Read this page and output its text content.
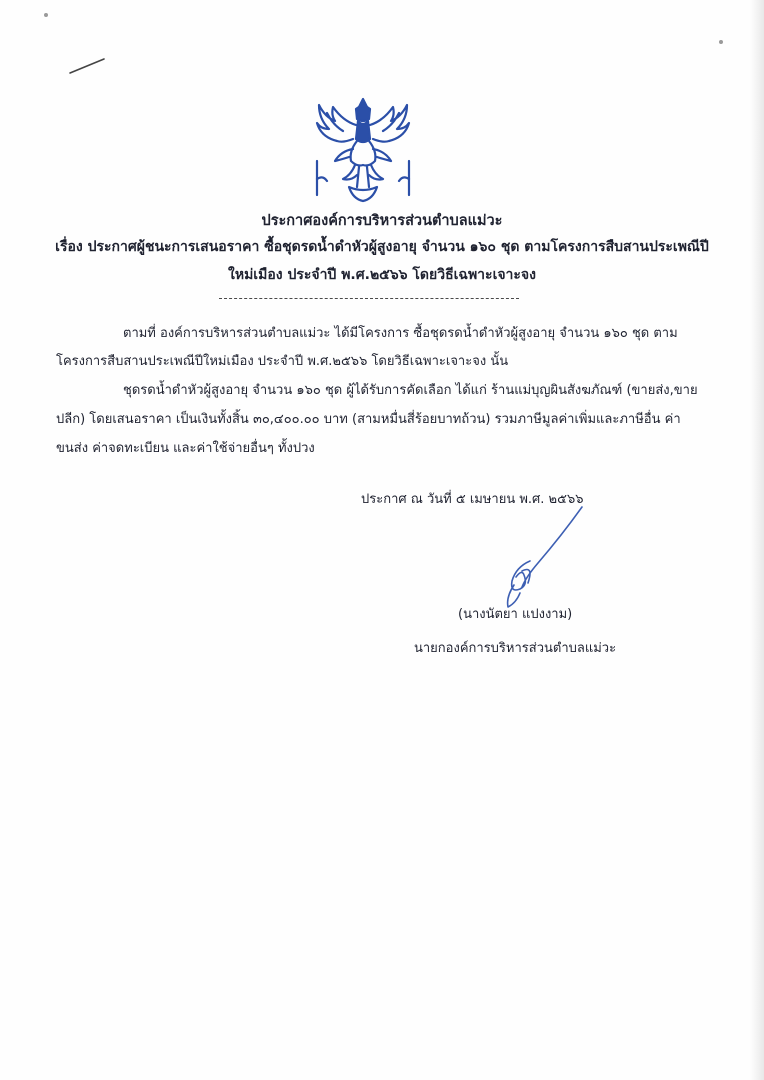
ประกาศองค์การบริหารส่วนตำบลแม่วะ
เรื่อง ประกาศผู้ชนะการเสนอราคา ซื้อชุดรดน้ำดำหัวผู้สูงอายุ จำนวน ๑๖๐ ชุด ตามโครงการสืบสานประเพณีปี
ใหม่เมือง ประจำปี พ.ศ.๒๕๖๖ โดยวิธีเฉพาะเจาะจง
ตามที่ องค์การบริหารส่วนตำบลแม่วะ ได้มีโครงการ ซื้อชุดรดน้ำดำหัวผู้สูงอายุ จำนวน ๑๖๐ ชุด ตาม
โครงการสืบสานประเพณีปีใหม่เมือง ประจำปี พ.ศ.๒๕๖๖ โดยวิธีเฉพาะเจาะจง นั้น
ชุดรดน้ำดำหัวผู้สูงอายุ จำนวน ๑๖๐ ชุด ผู้ได้รับการคัดเลือก ได้แก่ ร้านแม่บุญผินสังฆภัณฑ์ (ขายส่ง,ขาย
ปลีก) โดยเสนอราคา เป็นเงินทั้งสิ้น ๓๐,๔๐๐.๐๐ บาท (สามหมื่นสี่ร้อยบาทถ้วน) รวมภาษีมูลค่าเพิ่มและภาษีอื่น ค่า
ขนส่ง ค่าจดทะเบียน และค่าใช้จ่ายอื่นๆ ทั้งปวง
ประกาศ ณ วันที่ ๕ เมษายน พ.ศ. ๒๕๖๖
(นางนัตยา แปงงาม)
นายกองค์การบริหารส่วนตำบลแม่วะ
